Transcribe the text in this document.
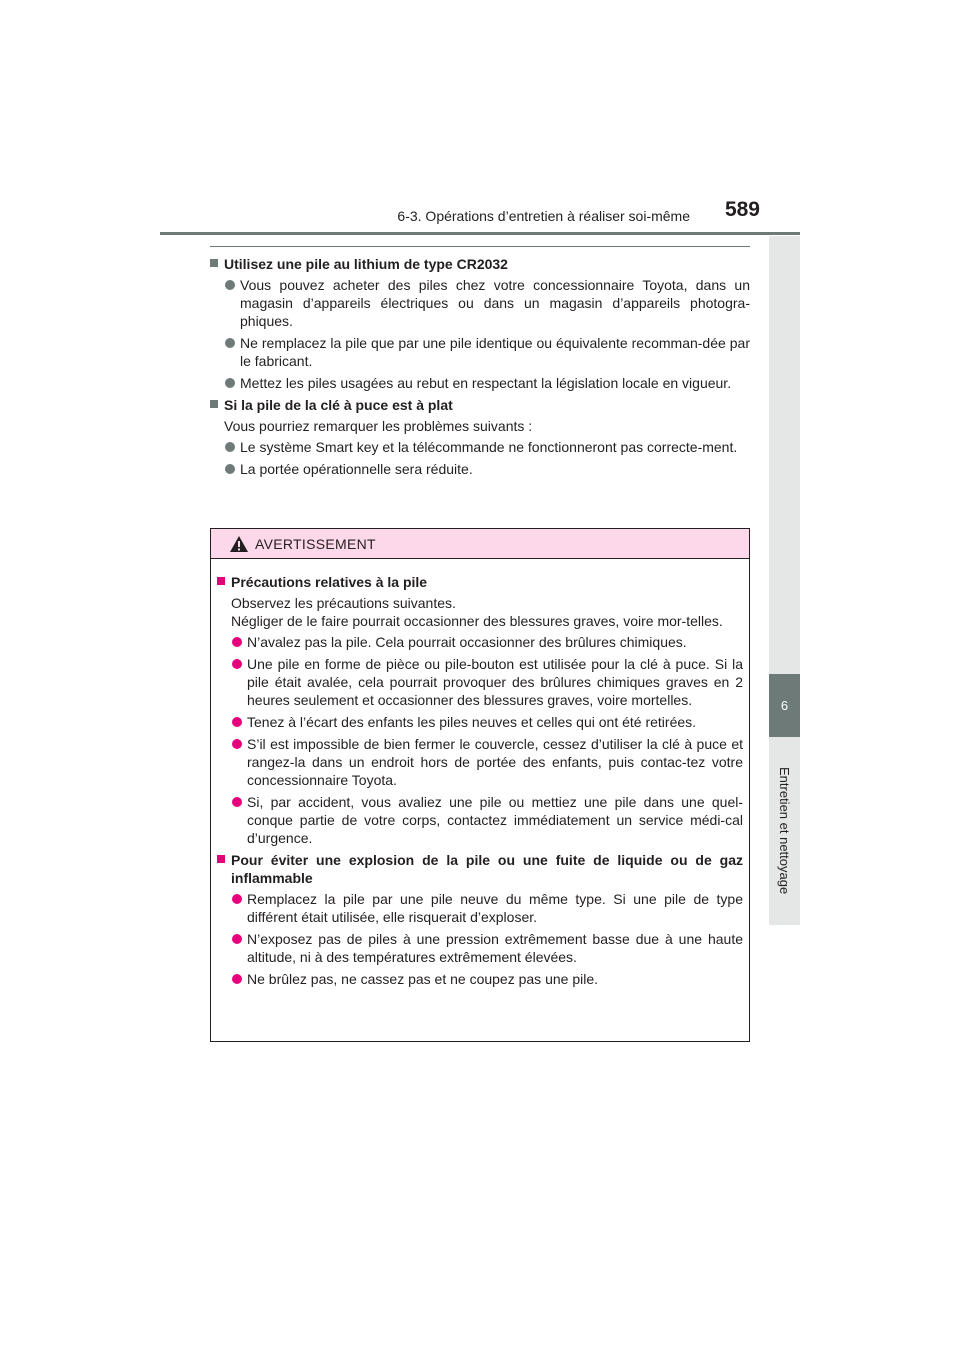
6-3. Opérations d’entretien à réaliser soi-même	589
6
Entretien et nettoyage
Utilisez une pile au lithium de type CR2032
Vous pouvez acheter des piles chez votre concessionnaire Toyota, dans un magasin d’appareils électriques ou dans un magasin d’appareils photogra-phiques.
Ne remplacez la pile que par une pile identique ou équivalente recomman-dée par le fabricant.
Mettez les piles usagées au rebut en respectant la législation locale en vigueur.
Si la pile de la clé à puce est à plat
Vous pourriez remarquer les problèmes suivants :
Le système Smart key et la télécommande ne fonctionneront pas correcte-ment.
La portée opérationnelle sera réduite.
AVERTISSEMENT
Précautions relatives à la pile
Observez les précautions suivantes.
Négliger de le faire pourrait occasionner des blessures graves, voire mor-telles.
N’avalez pas la pile. Cela pourrait occasionner des brûlures chimiques.
Une pile en forme de pièce ou pile-bouton est utilisée pour la clé à puce. Si la pile était avalée, cela pourrait provoquer des brûlures chimiques graves en 2 heures seulement et occasionner des blessures graves, voire mortelles.
Tenez à l’écart des enfants les piles neuves et celles qui ont été retirées.
S’il est impossible de bien fermer le couvercle, cessez d’utiliser la clé à puce et rangez-la dans un endroit hors de portée des enfants, puis contac-tez votre concessionnaire Toyota.
Si, par accident, vous avaliez une pile ou mettiez une pile dans une quel-conque partie de votre corps, contactez immédiatement un service médi-cal d’urgence.
Pour éviter une explosion de la pile ou une fuite de liquide ou de gaz inflammable
Remplacez la pile par une pile neuve du même type. Si une pile de type différent était utilisée, elle risquerait d’exploser.
N’exposez pas de piles à une pression extrêmement basse due à une haute altitude, ni à des températures extrêmement élevées.
Ne brûlez pas, ne cassez pas et ne coupez pas une pile.
